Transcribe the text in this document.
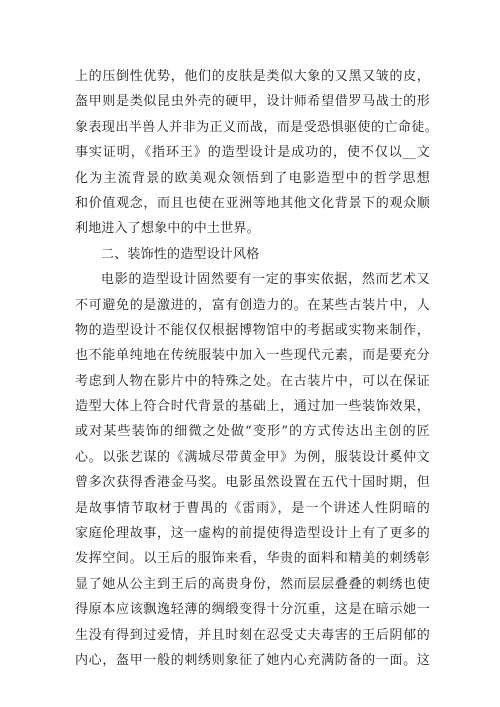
上的压倒性优势，他们的皮肤是类似大象的又黑又皱的皮，
盔甲则是类似昆虫外壳的硬甲，设计师希望借罗马战士的形
象表现出半兽人并非为正义而战，而是受恐惧驱使的亡命徒。
事实证明，《指环王》的造型设计是成功的，使不仅以__文
化为主流背景的欧美观众领悟到了电影造型中的哲学思想
和价值观念，而且也使在亚洲等地其他文化背景下的观众顺
利地进入了想象中的中土世界。
二、装饰性的造型设计风格
电影的造型设计固然要有一定的事实依据，然而艺术又
不可避免的是激进的，富有创造力的。在某些古装片中，人
物的造型设计不能仅仅根据博物馆中的考据或实物来制作，
也不能单纯地在传统服装中加入一些现代元素，而是要充分
考虑到人物在影片中的特殊之处。在古装片中，可以在保证
造型大体上符合时代背景的基础上，通过加一些装饰效果，
或对某些装饰的细微之处做“变形”的方式传达出主创的匠
心。以张艺谋的《满城尽带黄金甲》为例，服装设计奚仲文
曾多次获得香港金马奖。电影虽然设置在五代十国时期，但
是故事情节取材于曹禺的《雷雨》，是一个讲述人性阴暗的
家庭伦理故事，这一虚构的前提使得造型设计上有了更多的
发挥空间。以王后的服饰来看，华贵的面料和精美的刺绣彰
显了她从公主到王后的高贵身份，然而层层叠叠的刺绣也使
得原本应该飘逸轻薄的绸缎变得十分沉重，这是在暗示她一
生没有得到过爱情，并且时刻在忍受丈夫毒害的王后阴郁的
内心，盔甲一般的刺绣则象征了她内心充满防备的一面。这
